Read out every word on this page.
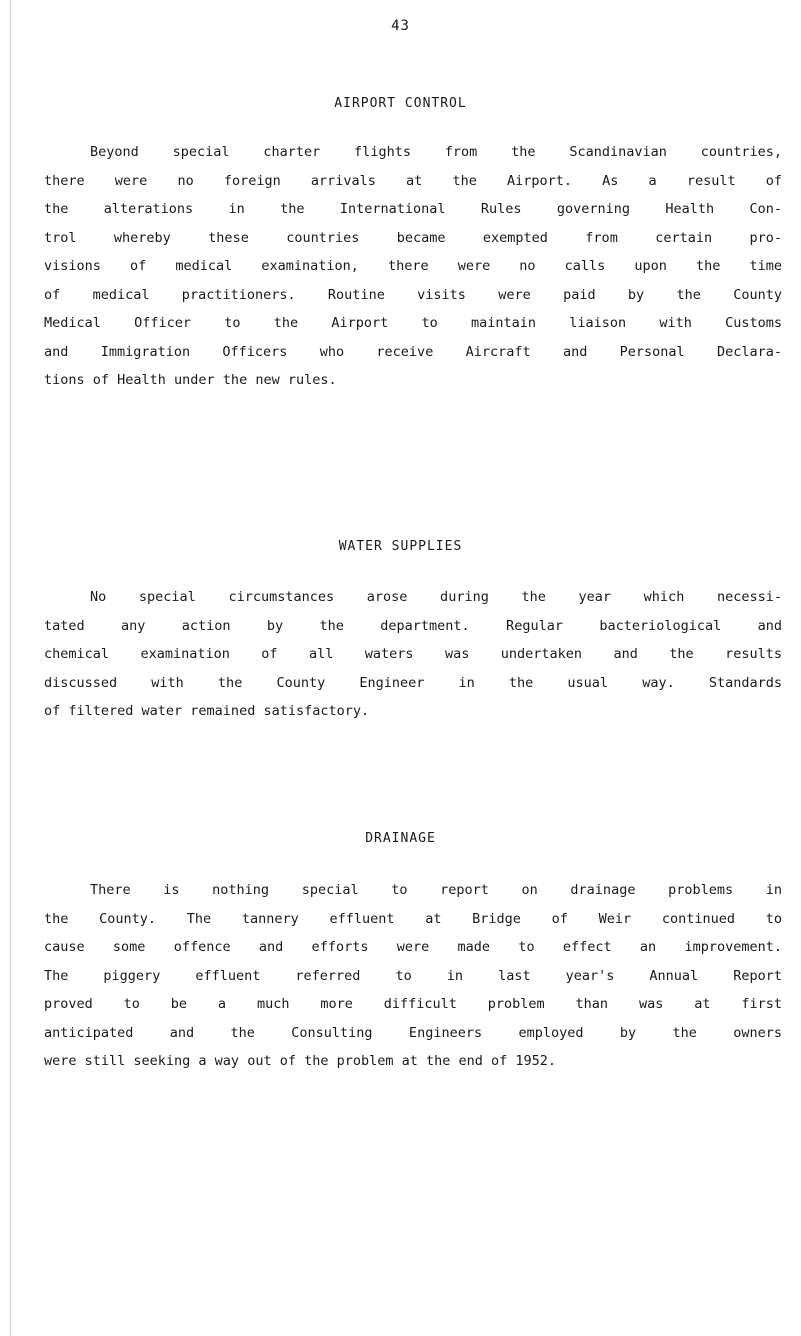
43
AIRPORT CONTROL
Beyond special charter flights from the Scandinavian countries,
there were no foreign arrivals at the Airport. As a result of
the alterations in the International Rules governing Health Con-
trol whereby these countries became exempted from certain pro-
visions of medical examination, there were no calls upon the time
of medical practitioners. Routine visits were paid by the County
Medical Officer to the Airport to maintain liaison with Customs
and Immigration Officers who receive Aircraft and Personal Declara-
tions of Health under the new rules.
WATER SUPPLIES
No special circumstances arose during the year which necessi-
tated any action by the department. Regular bacteriological and
chemical examination of all waters was undertaken and the results
discussed with the County Engineer in the usual way. Standards
of filtered water remained satisfactory.
DRAINAGE
There is nothing special to report on drainage problems in
the County. The tannery effluent at Bridge of Weir continued to
cause some offence and efforts were made to effect an improvement.
The piggery effluent referred to in last year's Annual Report
proved to be a much more difficult problem than was at first
anticipated and the Consulting Engineers employed by the owners
were still seeking a way out of the problem at the end of 1952.
